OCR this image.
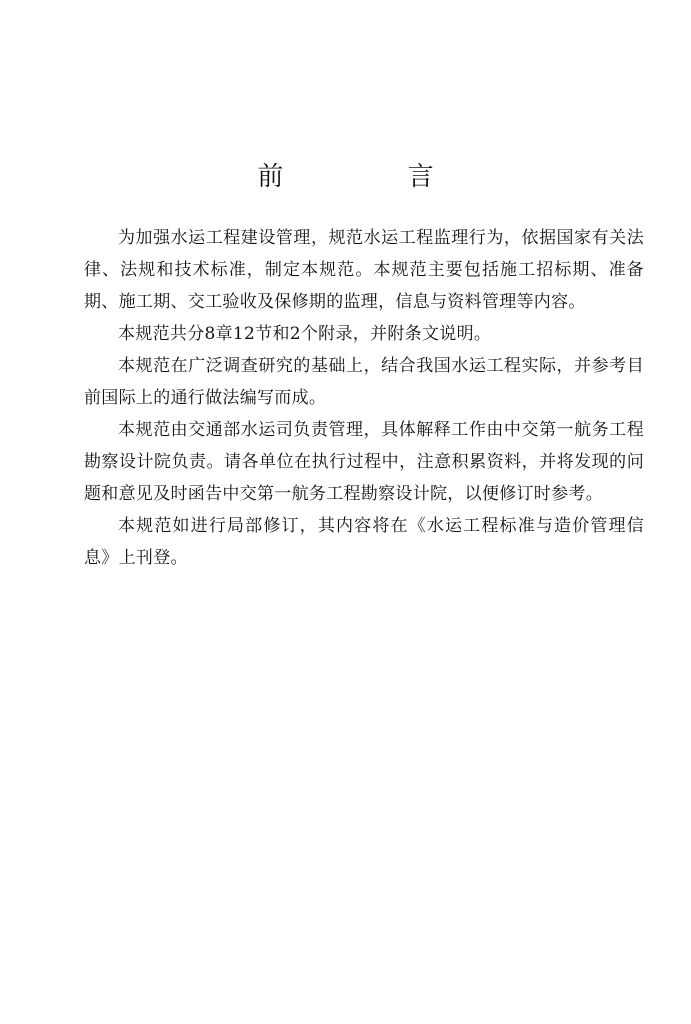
前 言

为加强水运工程建设管理，规范水运工程监理行为，依据国家有关法律、法规和技术标准，制定本规范。本规范主要包括施工招标期、准备期、施工期、交工验收及保修期的监理，信息与资料管理等内容。

本规范共分8章12节和2个附录，并附条文说明。

本规范在广泛调查研究的基础上，结合我国水运工程实际，并参考目前国际上的通行做法编写而成。

本规范由交通部水运司负责管理，具体解释工作由中交第一航务工程勘察设计院负责。请各单位在执行过程中，注意积累资料，并将发现的问题和意见及时函告中交第一航务工程勘察设计院，以便修订时参考。

本规范如进行局部修订，其内容将在《水运工程标准与造价管理信息》上刊登。
